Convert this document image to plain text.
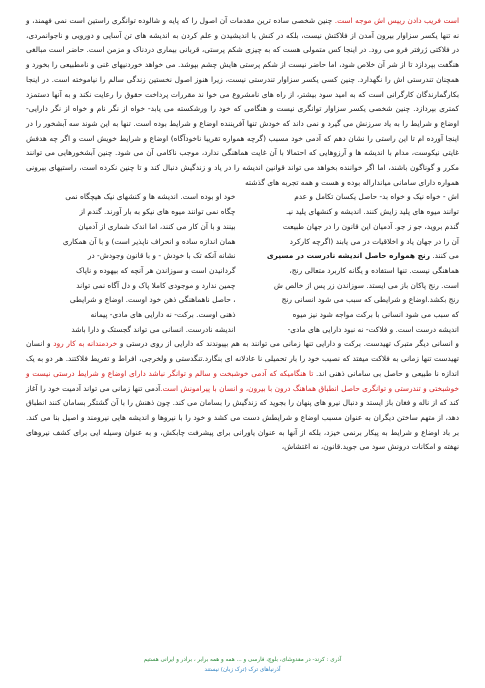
است فریب دادن رییس اش موجه است. چنین شخصی ساده ترین مقدمات آن اصول را که پایه و شالوده توانگری راستین است نمی فهمند، و نه تنها یکسر سزاوار بیرون آمدن از فلاکتش نیست، بلکه در کنش با اندیشیدن و علم کردن به اندیشه های تن آسایی و دورویی و ناجوانمردی، در فلاکتی ژرفتر فرو می رود. در اینجا کس متمولی هست که به چیزی شکم پرستی، قربانی بیماری دردناک و مزمن است. حاضر است مبالغی هنگفت بپردازد تا از شر آن خلاص شود، اما حاضر نیست از شکم پرستی هایش چشم بپوشد. می خواهد خوردنیهای غنی و نامطبیعی را بخورد و همچنان تندرستی اش را نگهدارد. چنین کسی یکسر سزاوار تندرستی نیست، زیرا هنوز اصول نخستین زندگی سالم را نیاموخته است. در اینجا بکارگمارندگان کارگرانی است که به امید سود بیشتر، از راه های نامشروع می خوا ند مقررات پرداخت حقوق را رعایت نکند و به آنها دستمزد کمتری بپردازد. چنین شخصی یکسر سزاوار توانگری نیست و هنگامی که خود را ورشکسته می یابد- خواه از نگر نام و خواه از نگر دارایی- اوضاع و شرایط را به یاد سرزنش می گیرد و نمی داند که خودش تنها آفریننده اوضاع و شرایط بوده است. تنها به این شوند سه آبشخور را در اینجا آورده ام تا این راستی را نشان دهم که آدمی خود مسبب (گرچه همواره تقریبا ناخودآگاه) اوضاع و شرایط خویش است و اگر چه هدفش غایتی نیکوست، مدام با اندیشه ها و آرزوهایی که احتمالا با آن غایت هماهنگی ندارد، موجب ناکامی آن می شود. چنین آبشخورهایی می توانند مکرر و گوناگون باشند، اما اگر خواننده بخواهد می تواند قوانین اندیشه را در یاد و زندگیش دنبال کند و تا چنین نکرده است، راستیهای بیرونی همواره دارای سامانی میانداراله بوده و هست و همه تجربه های گذشته

اش - خواه نیک و خواه بد- حاصل یکسان تکامل و عدم
توانند میوه های پلید زایش کنند. اندیشه و کنشهای پلید نیـ
گندم بروید، جو ز جو. آدمیان این قانون را در جهان طبیعت
آن را در جهان یاد و اخلاقیات در می یابند (اگرچه کارکرد
می کنند. رنج همواره حاصل اندیشه نادرست در مسیری
هماهنگی نیست. تنها استفاده و یگانه کاربرد متعالی رنج،
است. رنج پاکان باز می ایستد. سوزاندن زر پس از خالص ش
رنج بکشد.اوضاع و شرایطی که سبب می شود انسانی رنج
که سبب می شود انسانی با برکت مواجه شود نیز میوه
اندیشه درست است. و فلاکت- نه نبود دارایی های مادی-
خود او بوده است. اندیشه ها و کنشهای نیک هیچگاه نمی
چگاه نمی توانند میوه های نیکو به بار آورند. گندم از
بینند و با آن کار می کنند، اما اندک شماری از آدمیان
همان اندازه ساده و انحراف ناپذیر است) و با آن همکاری
نشانه آنکه تک با خودش - و با قانون وجودش- در
گردانیدن است و سوزاندن هر آنچه که بیهوده و ناپاک
چمین ندارد و موجودی کاملا پاک و دل آگاه نمی تواند
، حاصل ناهماهنگی ذهن خود اوست. اوضاع و شرایطی
ذهنی اوست. برکت- نه دارایی های مادی- پیمانه
اندیشه نادرست. انسانی می تواند گجستک و دارا باشد

و انسانی دیگر متبرک تهیدست. برکت و دارایی تنها زمانی می توانند به هم بپیوندند که دارایی از روی درستی و خردمندانه به کار رود و انسان تهیدست تنها زمانی به فلاکت میفتد که نصیب خود را بار تحمیلی نا عادلانه ای بنگارد.تنگدستی و ولخرجی، افراط و تفریط فلاکتند. هر دو به یک اندازه نا طبیعی و حاصل بی سامانی ذهنی اند. تا هنگامیکه که آدمی خوشبخت و سالم و توانگر نباشد دارای اوضاع و شرایط درستی نیست و خوشبختی و تندرستی و توانگری حاصل انطباق هماهنگ درون با بیرون، و انسان با پیرامونش است.آدمی تنها زمانی می تواند آدمیت خود را آغاز کند که از ناله و فغان باز ایستد و دنبال نیرو های پنهان را بجوید که زندگیش را بسامان می کند. چون ذهنش را با آن گشتگر بسامان کنند انطباق دهد، از متهم ساختن دیگران به عنوان مسبب اوضاع و شرایطش دست می کشد و خود را با نیروها و اندیشه هایی نیرومند و اصیل بنا می کند. بر باد اوضاع و شرایط به پیکار برنمی خیزد، بلکه از آنها به عنوان یاورانی برای پیشرفت چابکش، و به عنوان وسیله ایی برای کشف نیروهای نهفته و امکانات درونش سود می جوید.قانون، نه اغتشاش،

آذری : کرند- در مقدوشای، بلوچ، فارسی و ... همه و همه برابر ، برادر و ایرانی هستیم
آذرنیاهای ترک (ترک زبان) نیستند
